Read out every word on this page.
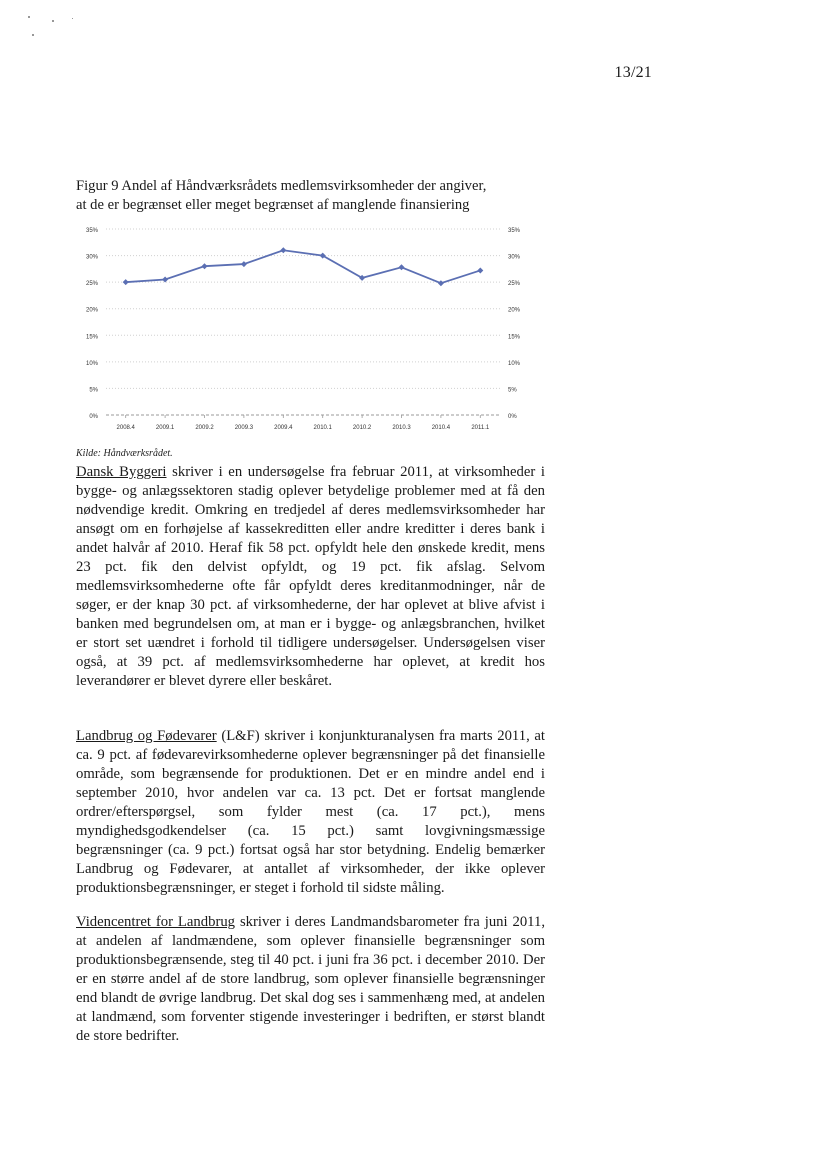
13/21
Figur 9 Andel af Håndværksrådets medlemsvirksomheder der angiver,
at de er begrænset eller meget begrænset af manglende finansiering
0%	0%
5%	5%
10%	10%
15%	15%
20%	20%
25%	25%
30%	30%
35%	35%
2008.4	2009.1	2009.2	2009.3	2009.4	2010.1	2010.2	2010.3	2010.4	2011.1
Kilde: Håndværksrådet.

Dansk Byggeri skriver i en undersøgelse fra februar 2011, at virksomheder i bygge- og anlægssektoren stadig oplever betydelige problemer med at få den nødvendige kredit. Omkring en tredjedel af deres medlemsvirksomheder har ansøgt om en forhøjelse af kassekreditten eller andre kreditter i deres bank i andet halvår af 2010. Heraf fik 58 pct. opfyldt hele den ønskede kredit, mens 23 pct. fik den delvist opfyldt, og 19 pct. fik afslag. Selvom medlemsvirksomhederne ofte får opfyldt deres kreditanmodninger, når de søger, er der knap 30 pct. af virksomhederne, der har oplevet at blive afvist i banken med begrundelsen om, at man er i bygge- og anlægsbranchen, hvilket er stort set uændret i forhold til tidligere undersøgelser. Undersøgelsen viser også, at 39 pct. af medlemsvirksomhederne har oplevet, at kredit hos leverandører er blevet dyrere eller beskåret.

Landbrug og Fødevarer (L&F) skriver i konjunkturanalysen fra marts 2011, at ca. 9 pct. af fødevarevirksomhederne oplever begrænsninger på det finansielle område, som begrænsende for produktionen. Det er en mindre andel end i september 2010, hvor andelen var ca. 13 pct. Det er fortsat manglende ordrer/efterspørgsel, som fylder mest (ca. 17 pct.), mens myndighedsgodkendelser (ca. 15 pct.) samt lovgivningsmæssige begrænsninger (ca. 9 pct.) fortsat også har stor betydning. Endelig bemærker Landbrug og Fødevarer, at antallet af virksomheder, der ikke oplever produktionsbegrænsninger, er steget i forhold til sidste måling.

Videncentret for Landbrug skriver i deres Landmandsbarometer fra juni 2011, at andelen af landmændene, som oplever finansielle begrænsninger som produktionsbegrænsende, steg til 40 pct. i juni fra 36 pct. i december 2010. Der er en større andel af de store landbrug, som oplever finansielle begrænsninger end blandt de øvrige landbrug. Det skal dog ses i sammenhæng med, at andelen at landmænd, som forventer stigende investeringer i bedriften, er størst blandt de store bedrifter.
